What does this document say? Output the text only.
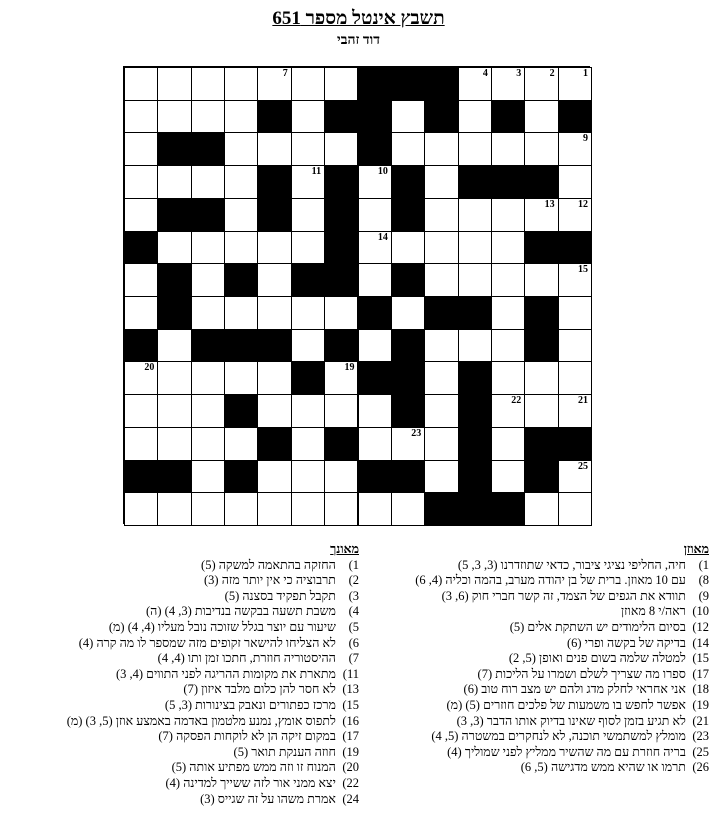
תשבץ אינטל מספר 651
דוד זהבי
1
2
3
4
7
9
10
11
12
13
14
15
19
20
21
22
23
25
מאוזן
1) חיה, החליפי נציגי ציבור, כדאי שתוזדרנו (3, 3, 5)
8) עם 10 מאוזן. ברית של בן יהודה מערב, בהמה וכליה (4, 6)
9) תוודא את הגפים של הצמד, זה קשר חברי חוק (6, 3)
10) ראה/י 8 מאוזן
12) בסיום הלימודים יש השתקת אלים (5)
14) בדיקה של בקשה ופרי (6)
15) למטלה שלמה בשום פנים ואופן (5, 2)
17) ספרו מה שצריך לשלם ושמרו על הליכות (7)
18) אני אחראי לחלק מדג ולהם יש מצב רוח טוב (6)
19) אפשר לחפש בו משמעות של פלכים חוזרים (5) (מ)
21) לא תגיע בזמן לסוף שאינו בדיוק אותו הדבר (3, 3)
23) מומלץ למשתמשי תוכנה, לא לנחקרים במשטרה (5, 4)
25) בריה חוזרת עם מה שהשיר ממליץ לפני שמוליך (4)
26) תרמו או שהיא ממש מדגישה (5, 6)
מאונך
1) החזקה בהתאמה למשקה (5)
2) תרבוציה כי אין יותר מזה (3)
3) תקבל תפקיד בסצנה (5)
4) משבת תשעה בבקשה בנדיבות (3, 4) (ה)
5) שיעור עם יוצר בגלל שזוכה נובל מעליו (4, 4) (מ)
6) לא הצליחו להישאר זקופים מזה שמספר לו מה קרה (4)
7) ההיסטוריה חוזרת, חתכו זמן ותו (4, 4)
11) מתארת את מקומות ההריגה לפני התווים (4, 3)
13) לא חסר להן כלום מלבד איזון (7)
15) מרכז כפתורים ונאבק בצינורות (3, 5)
16) לתפוס אומץ, נמנע מלטמון באדמה באמצע אוזן (5, 3) (מ)
17) במקום זיקה הן לא לוקחות הפסקה (7)
19) חוזה הענקת תואר (5)
20) המנוח זו וזה ממש מפתיע אותה (5)
22) יצא ממני אור לזה ששייך למדינה (4)
24) אמרת משהו על זה שגייס (3)
